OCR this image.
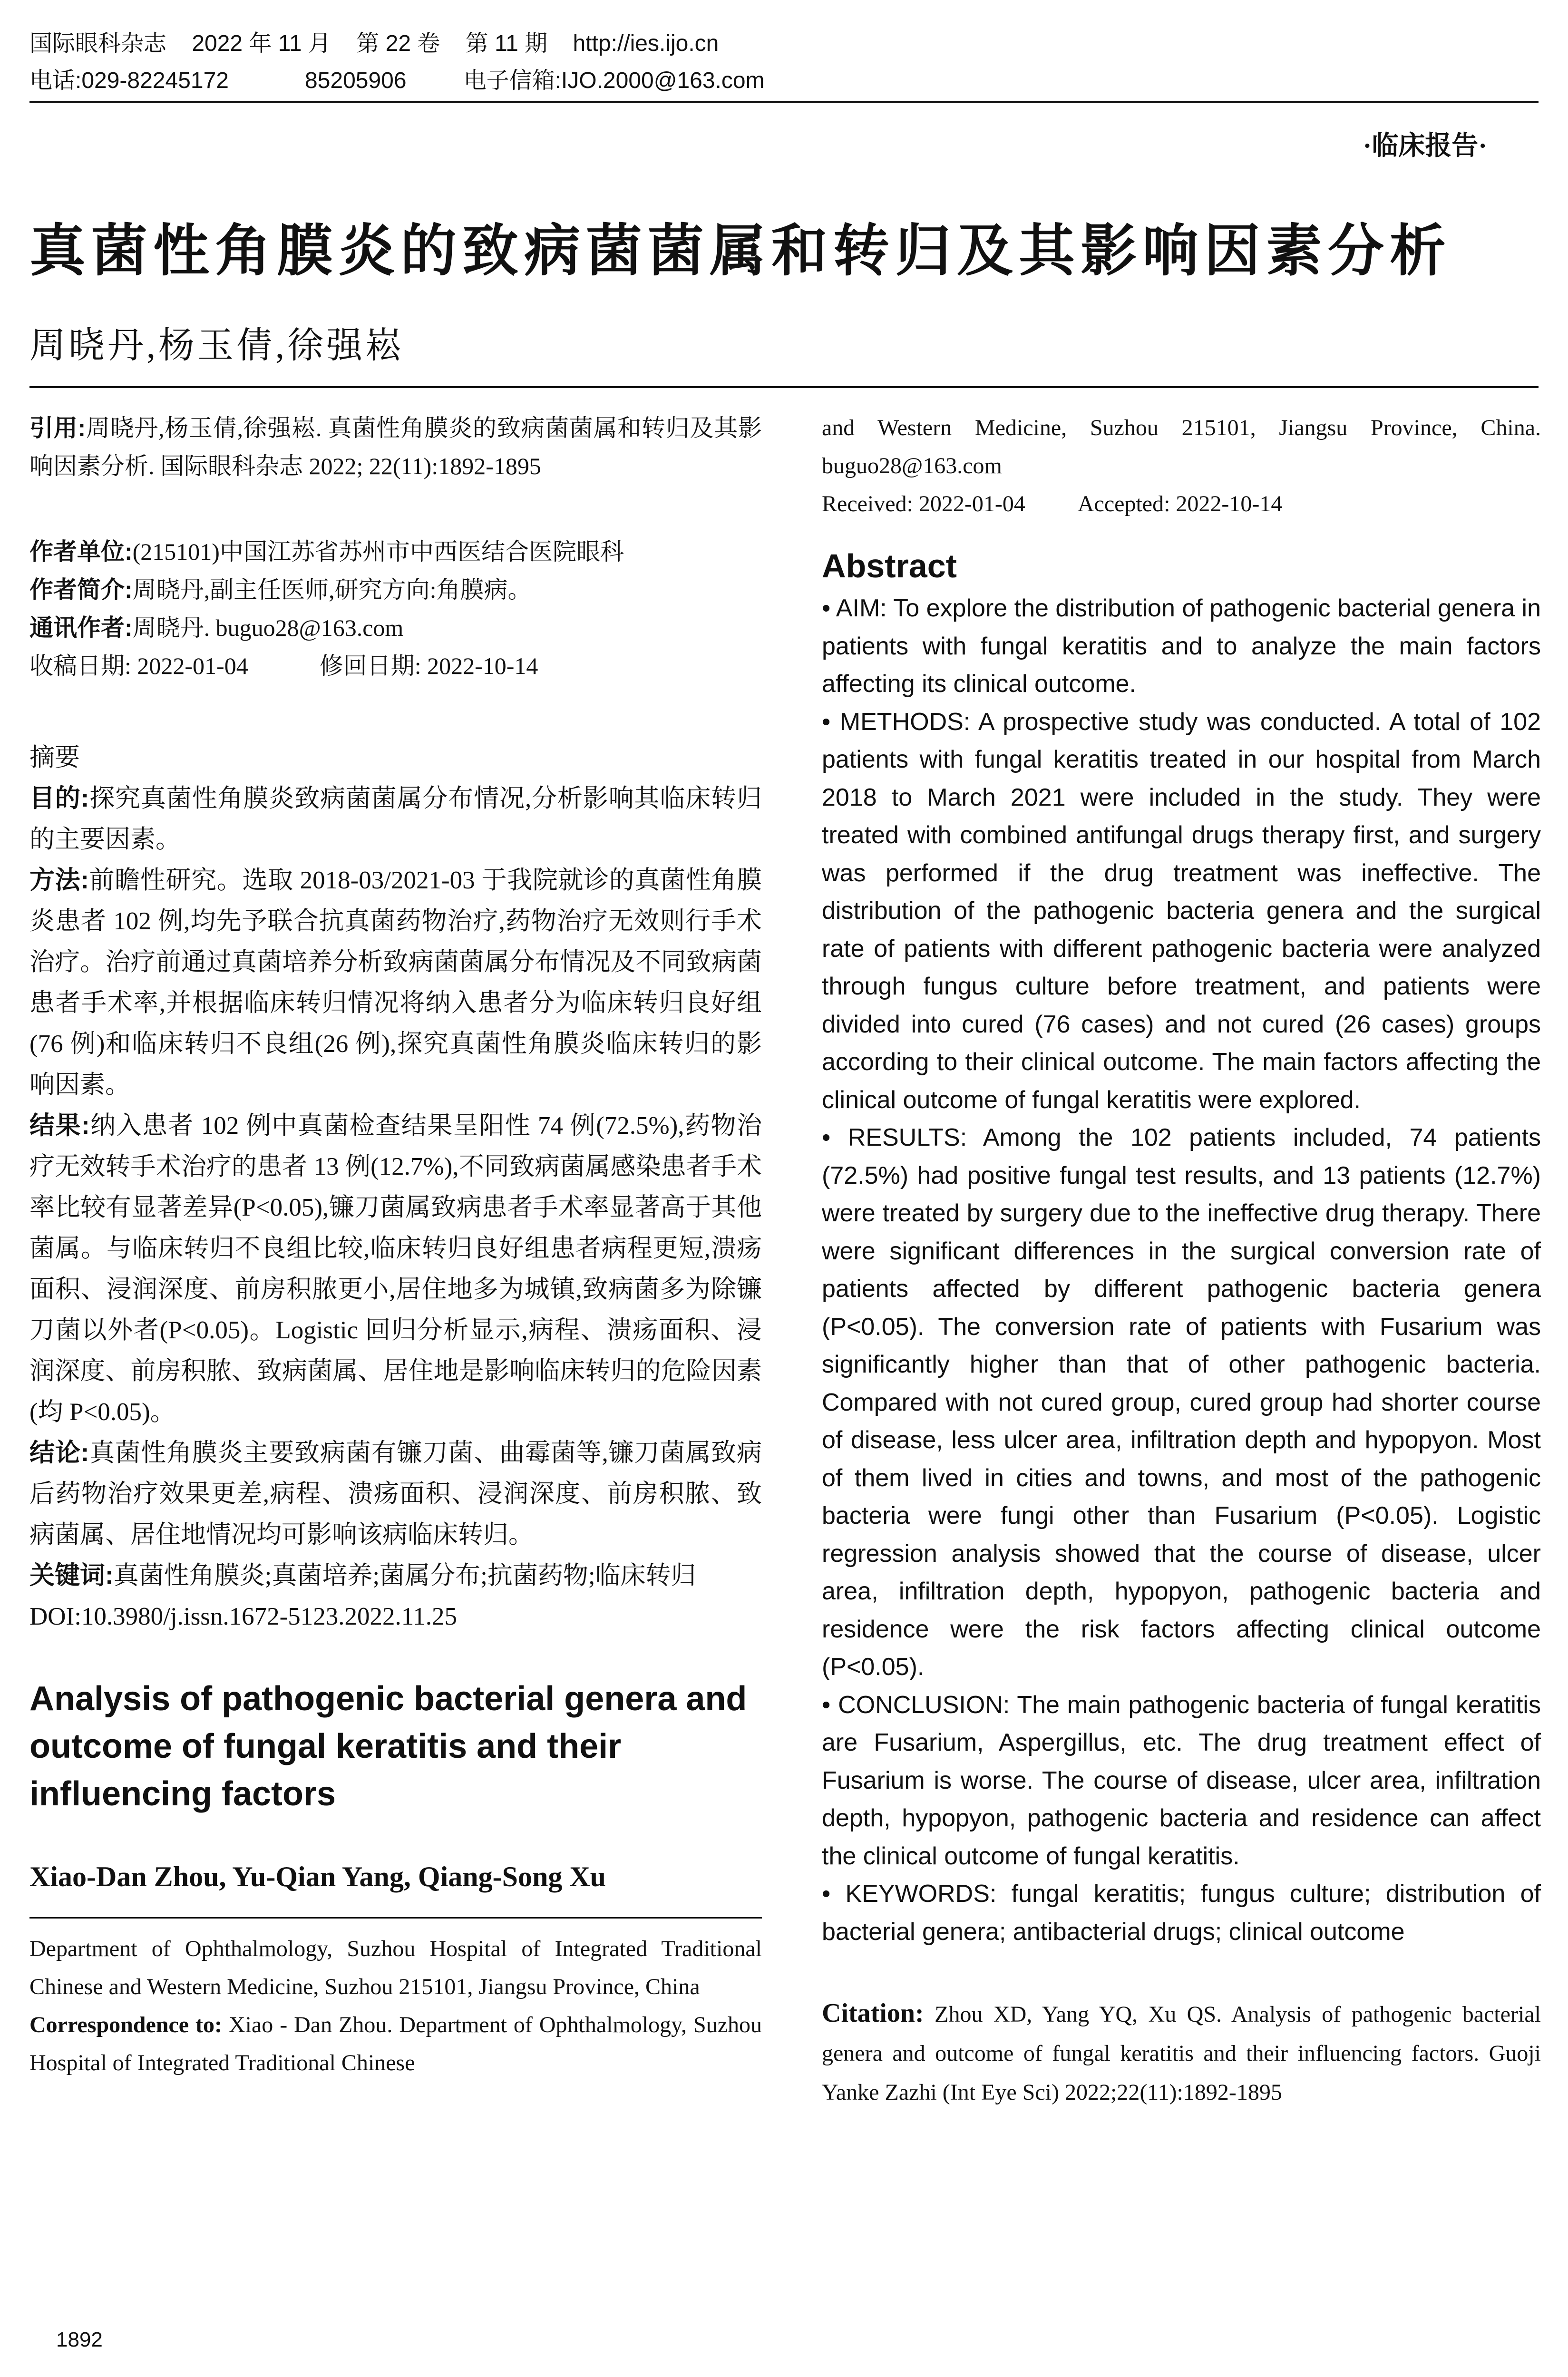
国际眼科杂志    2022 年 11 月    第 22 卷    第 11 期    http://ies.ijo.cn
电话:029-82245172            85205906         电子信箱:IJO.2000@163.com
·临床报告·
真菌性角膜炎的致病菌菌属和转归及其影响因素分析
周晓丹,杨玉倩,徐强崧

引用:周晓丹,杨玉倩,徐强崧. 真菌性角膜炎的致病菌菌属和转归及其影响因素分析. 国际眼科杂志 2022; 22(11):1892-1895

作者单位:(215101)中国江苏省苏州市中西医结合医院眼科

作者简介:周晓丹,副主任医师,研究方向:角膜病。

通讯作者:周晓丹. buguo28@163.com

收稿日期: 2022-01-04	修回日期: 2022-10-14

摘要

目的:探究真菌性角膜炎致病菌菌属分布情况,分析影响其临床转归的主要因素。

方法:前瞻性研究。选取 2018-03/2021-03 于我院就诊的真菌性角膜炎患者 102 例,均先予联合抗真菌药物治疗,药物治疗无效则行手术治疗。治疗前通过真菌培养分析致病菌菌属分布情况及不同致病菌患者手术率,并根据临床转归情况将纳入患者分为临床转归良好组(76 例)和临床转归不良组(26 例),探究真菌性角膜炎临床转归的影响因素。

结果:纳入患者 102 例中真菌检查结果呈阳性 74 例(72.5%),药物治疗无效转手术治疗的患者 13 例(12.7%),不同致病菌属感染患者手术率比较有显著差异(P<0.05),镰刀菌属致病患者手术率显著高于其他菌属。与临床转归不良组比较,临床转归良好组患者病程更短,溃疡面积、浸润深度、前房积脓更小,居住地多为城镇,致病菌多为除镰刀菌以外者(P<0.05)。Logistic 回归分析显示,病程、溃疡面积、浸润深度、前房积脓、致病菌属、居住地是影响临床转归的危险因素(均 P<0.05)。

结论:真菌性角膜炎主要致病菌有镰刀菌、曲霉菌等,镰刀菌属致病后药物治疗效果更差,病程、溃疡面积、浸润深度、前房积脓、致病菌属、居住地情况均可影响该病临床转归。

关键词:真菌性角膜炎;真菌培养;菌属分布;抗菌药物;临床转归

DOI:10.3980/j.issn.1672-5123.2022.11.25

Analysis of pathogenic bacterial genera and outcome of fungal keratitis and their influencing factors
Xiao-Dan Zhou, Yu-Qian Yang, Qiang-Song Xu

Department of Ophthalmology, Suzhou Hospital of Integrated Traditional Chinese and Western Medicine, Suzhou 215101, Jiangsu Province, China

Correspondence to: Xiao - Dan Zhou. Department of Ophthalmology, Suzhou Hospital of Integrated Traditional Chinese

and Western Medicine, Suzhou 215101, Jiangsu Province, China. buguo28@163.com

Received: 2022-01-04 Accepted: 2022-10-14

Abstract

• AIM: To explore the distribution of pathogenic bacterial genera in patients with fungal keratitis and to analyze the main factors affecting its clinical outcome.

• METHODS: A prospective study was conducted. A total of 102 patients with fungal keratitis treated in our hospital from March 2018 to March 2021 were included in the study. They were treated with combined antifungal drugs therapy first, and surgery was performed if the drug treatment was ineffective. The distribution of the pathogenic bacteria genera and the surgical rate of patients with different pathogenic bacteria were analyzed through fungus culture before treatment, and patients were divided into cured (76 cases) and not cured (26 cases) groups according to their clinical outcome. The main factors affecting the clinical outcome of fungal keratitis were explored.

• RESULTS: Among the 102 patients included, 74 patients (72.5%) had positive fungal test results, and 13 patients (12.7%) were treated by surgery due to the ineffective drug therapy. There were significant differences in the surgical conversion rate of patients affected by different pathogenic bacteria genera (P<0.05). The conversion rate of patients with Fusarium was significantly higher than that of other pathogenic bacteria. Compared with not cured group, cured group had shorter course of disease, less ulcer area, infiltration depth and hypopyon. Most of them lived in cities and towns, and most of the pathogenic bacteria were fungi other than Fusarium (P<0.05). Logistic regression analysis showed that the course of disease, ulcer area, infiltration depth, hypopyon, pathogenic bacteria and residence were the risk factors affecting clinical outcome (P<0.05).

• CONCLUSION: The main pathogenic bacteria of fungal keratitis are Fusarium, Aspergillus, etc. The drug treatment effect of Fusarium is worse. The course of disease, ulcer area, infiltration depth, hypopyon, pathogenic bacteria and residence can affect the clinical outcome of fungal keratitis.

• KEYWORDS: fungal keratitis; fungus culture; distribution of bacterial genera; antibacterial drugs; clinical outcome

Citation: Zhou XD, Yang YQ, Xu QS. Analysis of pathogenic bacterial genera and outcome of fungal keratitis and their influencing factors. Guoji Yanke Zazhi (Int Eye Sci) 2022;22(11):1892-1895
1892
